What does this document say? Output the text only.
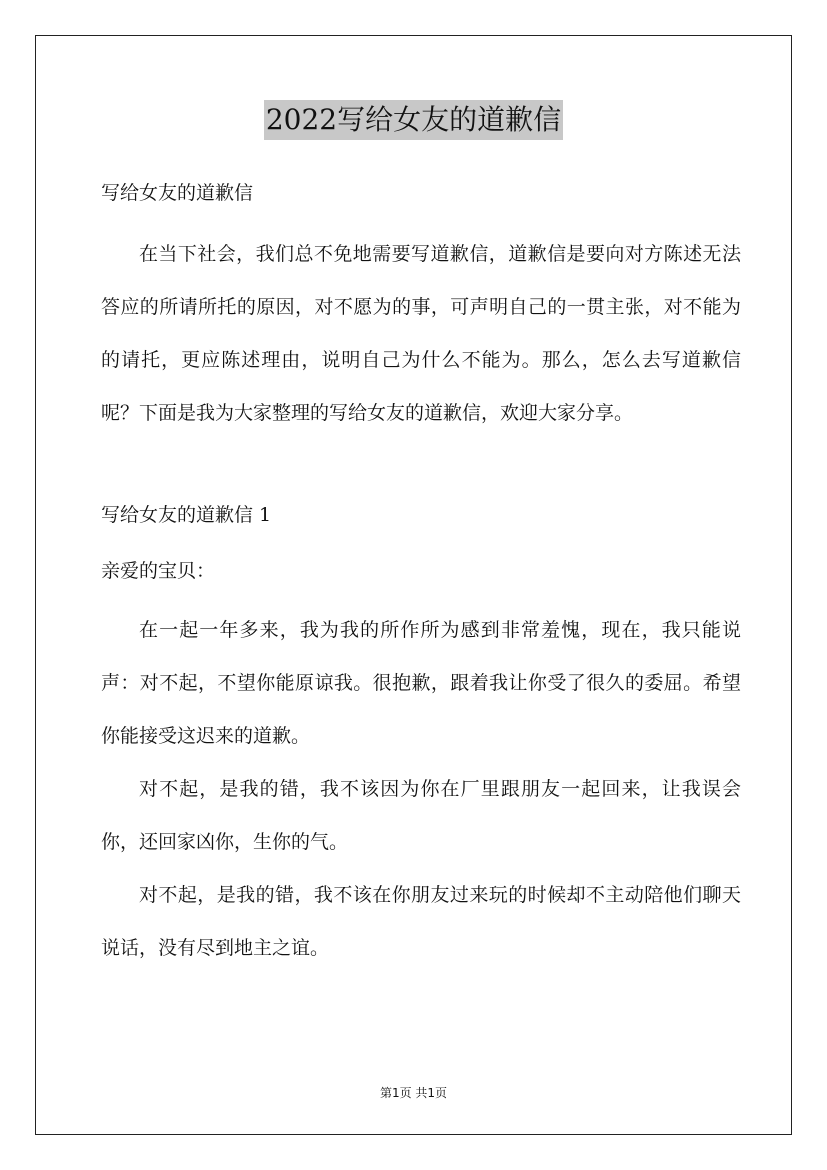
2022写给女友的道歉信
写给女友的道歉信

在当下社会，我们总不免地需要写道歉信，道歉信是要向对方陈述无法答应的所请所托的原因，对不愿为的事，可声明自己的一贯主张，对不能为的请托，更应陈述理由，说明自己为什么不能为。那么，怎么去写道歉信呢？下面是我为大家整理的写给女友的道歉信，欢迎大家分享。

写给女友的道歉信 1
亲爱的宝贝：

在一起一年多来，我为我的所作所为感到非常羞愧，现在，我只能说声：对不起，不望你能原谅我。很抱歉，跟着我让你受了很久的委屈。希望你能接受这迟来的道歉。

对不起，是我的错，我不该因为你在厂里跟朋友一起回来，让我误会你，还回家凶你，生你的气。

对不起，是我的错，我不该在你朋友过来玩的时候却不主动陪他们聊天说话，没有尽到地主之谊。

第1页 共1页
